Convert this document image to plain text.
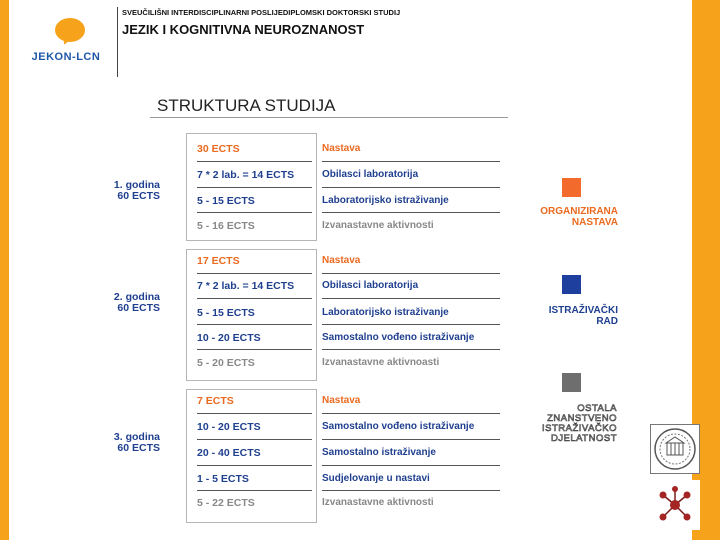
JEKON-LCN
SVEUČILIŠNI INTERDISCIPLINARNI POSLIJEDIPLOMSKI DOKTORSKI STUDIJ
JEZIK I KOGNITIVNA NEUROZNANOST
STRUKTURA STUDIJA
1. godina
60 ECTS
30 ECTS
7 * 2 lab. = 14 ECTS
5 - 15 ECTS
5 - 16 ECTS
Nastava
Obilasci laboratorija
Laboratorijsko istraživanje
Izvanastavne aktivnosti
2. godina
60 ECTS
17 ECTS
7 * 2 lab. = 14 ECTS
5 - 15 ECTS
10 - 20 ECTS
5 - 20 ECTS
Nastava
Obilasci laboratorija
Laboratorijsko istraživanje
Samostalno vođeno istraživanje
Izvanastavne aktivnoasti
3. godina
60 ECTS
7 ECTS
10 - 20 ECTS
20 - 40 ECTS
1 - 5 ECTS
5 - 22 ECTS
Nastava
Samostalno vođeno istraživanje
Samostalno istraživanje
Sudjelovanje u nastavi
Izvanastavne aktivnosti
ORGANIZIRANA
NASTAVA
ISTRAŽIVAČKI
RAD
OSTALA
ZNANSTVENO
ISTRAŽIVAČKO
DJELATNOST
